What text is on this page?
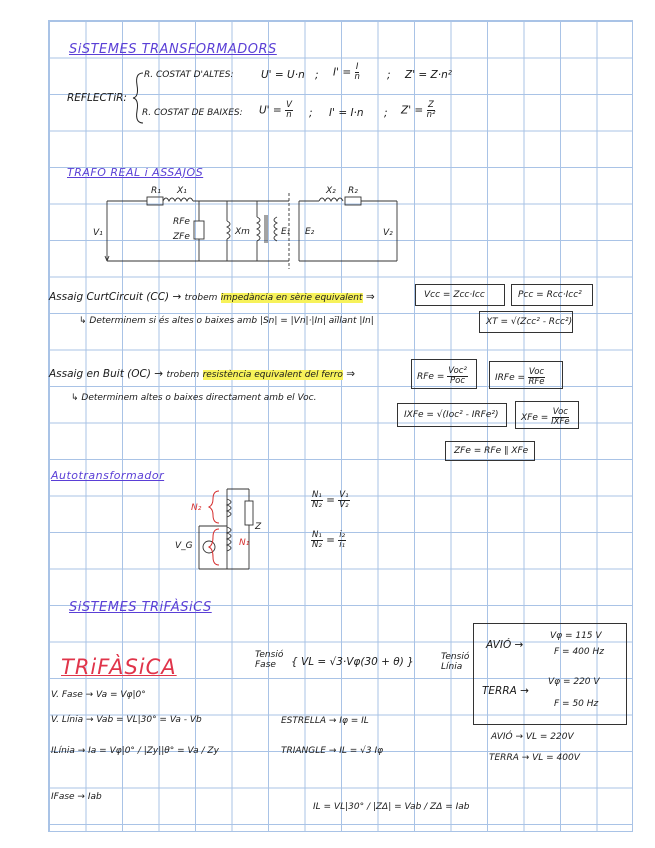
SiSTEMES TRANSFORMADORS
REFLECTiR:
R. COSTAT D'ALTES:	U' = U·n ; $I' = \frac{I}{n}$	; Z' = Z·n²
R. COSTAT DE BAIXES: $U' = \frac{V}{n}$ ; I' = I·n ; $Z' = \frac{Z}{\text{n²}}$
TRAFO REAL i ASSAJOS
R₁ X₁	X₂ R₂
RFe
ZFe	Xm	E₂
E₁
V₁	V₂
Assaig CurtCircuit (CC) → trobem impedància en sèrie equivalent ⇒	Vcc = Zcc·Icc	Pcc = Rcc·Icc²
↳ Determinem si és altes o baixes amb |Sn| = |Vn|·|In| aïllant |In|	XT = √(Zcc² - Rcc²)
Assaig en Buit (OC) → trobem resistència equivalent del ferro ⇒	RFe = $\frac{\text{Voc²}}{\text{Poc}}$	IRFe = $\frac{\text{Voc}}{\text{RFe}}$
↳ Determinem altes o baixes directament amb el Voc.
IXFe = √(Ioc² - IRFe²)	XFe = $\frac{\text{Voc}}{\text{IXFe}}$
ZFe = RFe ∥ XFe
Autotransformador
N₂
N₁
Z
V_G
$\frac{\text{N₁}}{\text{N₂}} = \frac{\text{V₁}}{\text{V₂}}$
$\frac{\text{N₁}}{\text{N₂}} = \frac{\text{i₂}}{\text{i₁}}$
SiSTEMES TRiFÀSiCS
TRiFÀSiCA	Tensió Fase	{ VL = √3·Vφ(30 + θ) }	Tensió Línia
AVIÓ →
Vφ = 115 V
F = 400 Hz
TERRA →
Vφ = 220 V
F = 50 Hz
V. Fase → Va = Vφ|0°
V. Línia → Vab = VL|30° = Va - Vb
ILínia → Ia = Vφ|0° / |Zy||θ° = Va / Zy
IFase → Iab
ESTRELLA → Iφ = IL
TRIANGLE → IL = √3 Iφ
AVIÓ → VL = 220V
TERRA → VL = 400V
IL = VL|30° / |ZΔ| = Vab / ZΔ = Iab
